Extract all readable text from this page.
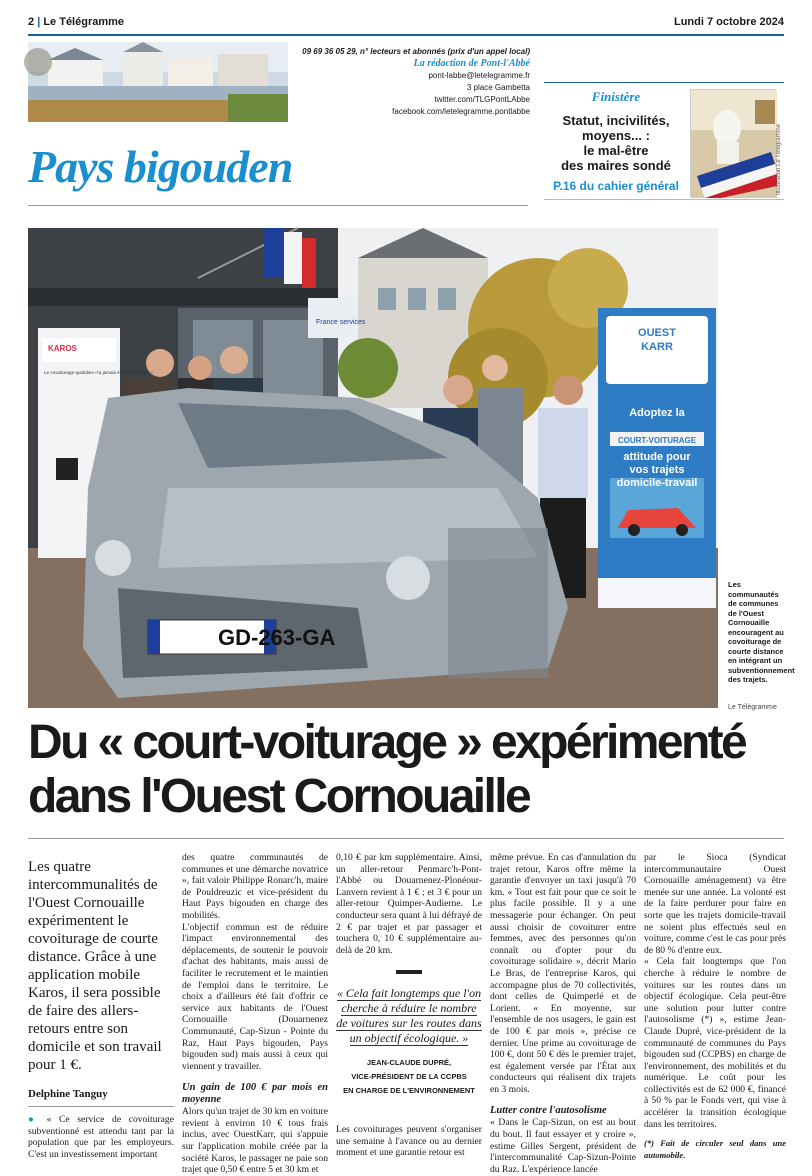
2 | Le Télégramme	Lundi 7 octobre 2024
09 69 36 05 29, n° lecteurs et abonnés (prix d'un appel local)
La rédaction de Pont-l'Abbé
pont-labbe@letelegramme.fr
3 place Gambetta
twitter.com/TLGPontLAbbe
facebook.com/letelegramme.pontlabbe
Finistère
Statut, incivilités,
moyens... :
le mal-être
des maires sondé
P.16 du cahier général	Illustration Le Télégramme
Pays bigouden
GD-263-GA
KAROS
Le covoiturage quotidien n'a jamais été aussi simple !
France services
OUEST
KARR
Adoptez la
COURT-VOITURAGE
attitude pour
vos trajets
domicile-travail
Les communautés de communes de l'Ouest Cornouaille encouragent au covoiturage de courte distance en intégrant un subventionnement des trajets.
Le Télégramme
Du « court-voiturage » expérimenté
dans l'Ouest Cornouaille
Les quatre intercommunalités de l'Ouest Cornouaille expérimentent le covoiturage de courte distance. Grâce à une application mobile Karos, il sera possible de faire des allers-retours entre son domicile et son travail pour 1 €.
Delphine Tanguy
● « Ce service de covoiturage subventionné est attendu tant par la population que par les employeurs. C'est un investissement important

des quatre communautés de communes et une démarche novatrice », fait valoir Philippe Ronarc'h, maire de Pouldreuzic et vice-président du Haut Pays bigouden en charge des mobilités.

L'objectif commun est de réduire l'impact environnemental des déplacements, de soutenir le pouvoir d'achat des habitants, mais aussi de faciliter le recrutement et le maintien de l'emploi dans le territoire. Le choix a d'ailleurs été fait d'offrir ce service aux habitants de l'Ouest Cornouaille (Douarnenez Communauté, Cap-Sizun - Pointe du Raz, Haut Pays bigouden, Pays bigouden sud) mais aussi à ceux qui viennent y travailler.

Un gain de 100 € par mois en moyenne

Alors qu'un trajet de 30 km en voiture revient à environ 10 € tous frais inclus, avec OuestKarr, qui s'appuie sur l'application mobile créée par la société Karos, le passager ne paie son trajet que 0,50 € entre 5 et 30 km et

0,10 € par km supplémentaire. Ainsi, un aller-retour Penmarc'h-Pont-l'Abbé ou Douarnenez-Plonéour-Lanvern revient à 1 € ; et 3 € pour un aller-retour Quimper-Audierne. Le conducteur sera quant à lui défrayé de 2 € par trajet et par passager et touchera 0, 10 € supplémentaire au-delà de 20 km.

« Cela fait longtemps que l'on cherche à réduire le nombre de voitures sur les routes dans un objectif écologique. »
JEAN-CLAUDE DUPRÉ,
VICE-PRÉSIDENT DE LA CCPBS
EN CHARGE DE L'ENVIRONNEMENT

Les covoiturages peuvent s'organiser une semaine à l'avance ou au dernier moment et une garantie retour est

même prévue. En cas d'annulation du trajet retour, Karos offre même la garantie d'envoyer un taxi jusqu'à 70 km. « Tout est fait pour que ce soit le plus facile possible. Il y a une messagerie pour échanger. On peut aussi choisir de covoiturer entre femmes, avec des personnes qu'on connaît ou d'opter pour du covoiturage solidaire », décrit Mario Le Bras, de l'entreprise Karos, qui accompagne plus de 70 collectivités, dont celles de Quimperlé et de Lorient. « En moyenne, sur l'ensemble de nos usagers, le gain est de 100 € par mois », précise ce dernier. Une prime au covoiturage de 100 €, dont 50 € dès le premier trajet, est également versée par l'État aux conducteurs qui réalisent dix trajets en 3 mois.

Lutter contre l'autosolisme

« Dans le Cap-Sizun, on est au bout du bout. Il faut essayer et y croire », estime Gilles Sergent, président de l'intercommunalité Cap-Sizun-Pointe du Raz. L'expérience lancée

par le Sioca (Syndicat intercommunautaire Ouest Cornouaille aménagement) va être menée sur une année. La volonté est de la faire perdurer pour faire en sorte que les trajets domicile-travail ne soient plus effectués seul en voiture, comme c'est le cas pour près de 80 % d'entre eux.

« Cela fait longtemps que l'on cherche à réduire le nombre de voitures sur les routes dans un objectif écologique. Cela peut-être une solution pour lutter contre l'autosolisme (*) », estime Jean-Claude Dupré, vice-président de la communauté de communes du Pays bigouden sud (CCPBS) en charge de l'environnement, des mobilités et du numérique. Le coût pour les collectivités est de 62 000 €, financé à 50 % par le Fonds vert, qui vise à accélérer la transition écologique dans les territoires.

(*) Fait de circuler seul dans une automobile.
